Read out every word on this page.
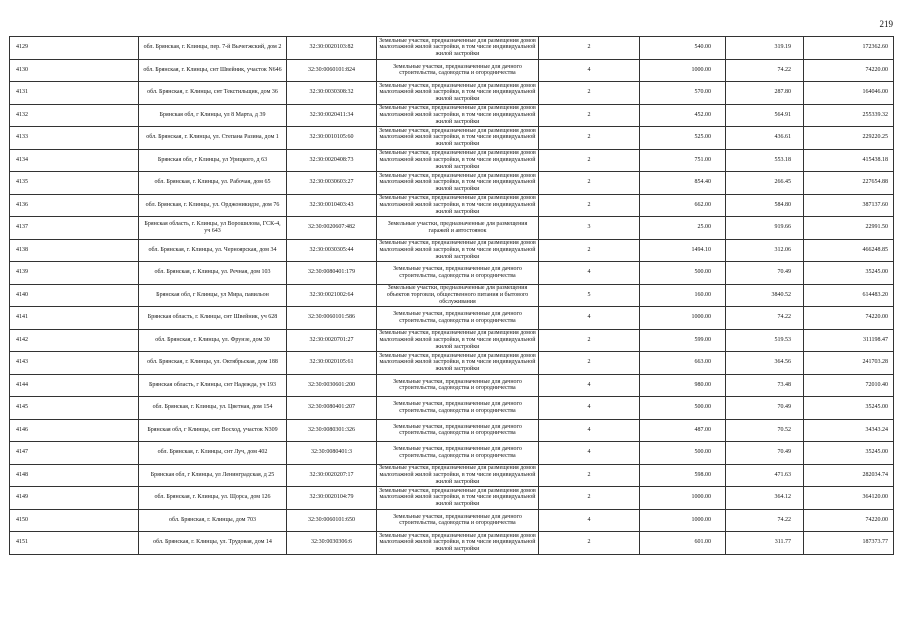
219
4129	обл. Брянская, г. Клинцы, пер. 7-й Вычегжский, дом 2	32:30:0020103:82	Земельные участки, предназначенные для размещения домов малоэтажной жилой застройки, в том числе индивидуальной жилой застройки	2	540.00	319.19	172362.60
4130	обл. Брянская, г. Клинцы, снт Швейник, участок N646	32:30:0060101:824	Земельные участки, предназначенные для дачного строительства, садоводства и огородничества	4	1000.00	74.22	74220.00
4131	обл. Брянская, г. Клинцы, снт Текстильщик, дом 36	32:30:0030308:32	Земельные участки, предназначенные для размещения домов малоэтажной жилой застройки, в том числе индивидуальной жилой застройки	2	570.00	287.80	164046.00
4132	Брянская обл, г Клинцы, ул 8 Марта, д 39	32:30:0020411:34	Земельные участки, предназначенные для размещения домов малоэтажной жилой застройки, в том числе индивидуальной жилой застройки	2	452.00	564.91	255339.32
4133	обл. Брянская, г. Клинцы, ул. Степана Разина, дом 1	32:30:0010105:60	Земельные участки, предназначенные для размещения домов малоэтажной жилой застройки, в том числе индивидуальной жилой застройки	2	525.00	436.61	229220.25
4134	Брянская обл, г Клинцы, ул Урицкого, д 63	32:30:0020408:73	Земельные участки, предназначенные для размещения домов малоэтажной жилой застройки, в том числе индивидуальной жилой застройки	2	751.00	553.18	415438.18
4135	обл. Брянская, г. Клинцы, ул. Рабочая, дом 65	32:30:0030603:27	Земельные участки, предназначенные для размещения домов малоэтажной жилой застройки, в том числе индивидуальной жилой застройки	2	854.40	266.45	227654.88
4136	обл. Брянская, г. Клинцы, ул. Орджоникидзе, дом 76	32:30:0010403:43	Земельные участки, предназначенные для размещения домов малоэтажной жилой застройки, в том числе индивидуальной жилой застройки	2	662.00	584.80	387137.60
4137	Брянская область, г. Клинцы, ул Ворошилова, ГСК-4, уч 643	32:30:0020607:482	Земельные участки, предназначенные для размещения гаражей и автостоянок	3	25.00	919.66	22991.50
4138	обл. Брянская, г. Клинцы, ул. Черноярская, дом 34	32:30:0030305:44	Земельные участки, предназначенные для размещения домов малоэтажной жилой застройки, в том числе индивидуальной жилой застройки	2	1494.10	312.06	466248.85
4139	обл. Брянская, г. Клинцы, ул. Речная, дом 103	32:30:0080401:179	Земельные участки, предназначенные для дачного строительства, садоводства и огородничества	4	500.00	70.49	35245.00
4140	Брянская обл, г Клинцы, ул Мира, павильон	32:30:0021002:64	Земельные участки, предназначенные для размещения объектов торговли, общественного питания и бытового обслуживания	5	160.00	3840.52	614483.20
4141	Брянская область, г. Клинцы, снт Швейник, уч 628	32:30:0060101:586	Земельные участки, предназначенные для дачного строительства, садоводства и огородничества	4	1000.00	74.22	74220.00
4142	обл. Брянская, г. Клинцы, ул. Фрунзе, дом 30	32:30:0020701:27	Земельные участки, предназначенные для размещения домов малоэтажной жилой застройки, в том числе индивидуальной жилой застройки	2	599.00	519.53	311198.47
4143	обл. Брянская, г. Клинцы, ул. Октябрьская, дом 188	32:30:0020105:61	Земельные участки, предназначенные для размещения домов малоэтажной жилой застройки, в том числе индивидуальной жилой застройки	2	663.00	364.56	241703.28
4144	Брянская область, г Клинцы, снт Надежда, уч 193	32:30:0030601:200	Земельные участки, предназначенные для дачного строительства, садоводства и огородничества	4	980.00	73.48	72010.40
4145	обл. Брянская, г. Клинцы, ул. Цветная, дом 154	32:30:0080401:207	Земельные участки, предназначенные для дачного строительства, садоводства и огородничества	4	500.00	70.49	35245.00
4146	Брянская обл, г Клинцы, снт Восход, участок N309	32:30:0080301:326	Земельные участки, предназначенные для дачного строительства, садоводства и огородничества	4	487.00	70.52	34343.24
4147	обл. Брянская, г. Клинцы, снт Луч, дом 402	32:30:0080401:3	Земельные участки, предназначенные для дачного строительства, садоводства и огородничества	4	500.00	70.49	35245.00
4148	Брянская обл, г Клинцы, ул Ленинградская, д 25	32:30:0020207:17	Земельные участки, предназначенные для размещения домов малоэтажной жилой застройки, в том числе индивидуальной жилой застройки	2	598.00	471.63	282034.74
4149	обл. Брянская, г. Клинцы, ул. Щорса, дом 126	32:30:0020104:79	Земельные участки, предназначенные для размещения домов малоэтажной жилой застройки, в том числе индивидуальной жилой застройки	2	1000.00	364.12	364120.00
4150	обл. Брянская, г. Клинцы, дом 703	32:30:0060101:650	Земельные участки, предназначенные для дачного строительства, садоводства и огородничества	4	1000.00	74.22	74220.00
4151	обл. Брянская, г. Клинцы, ул. Трудовая, дом 14	32:30:0030306:6	Земельные участки, предназначенные для размещения домов малоэтажной жилой застройки, в том числе индивидуальной жилой застройки	2	601.00	311.77	187373.77
